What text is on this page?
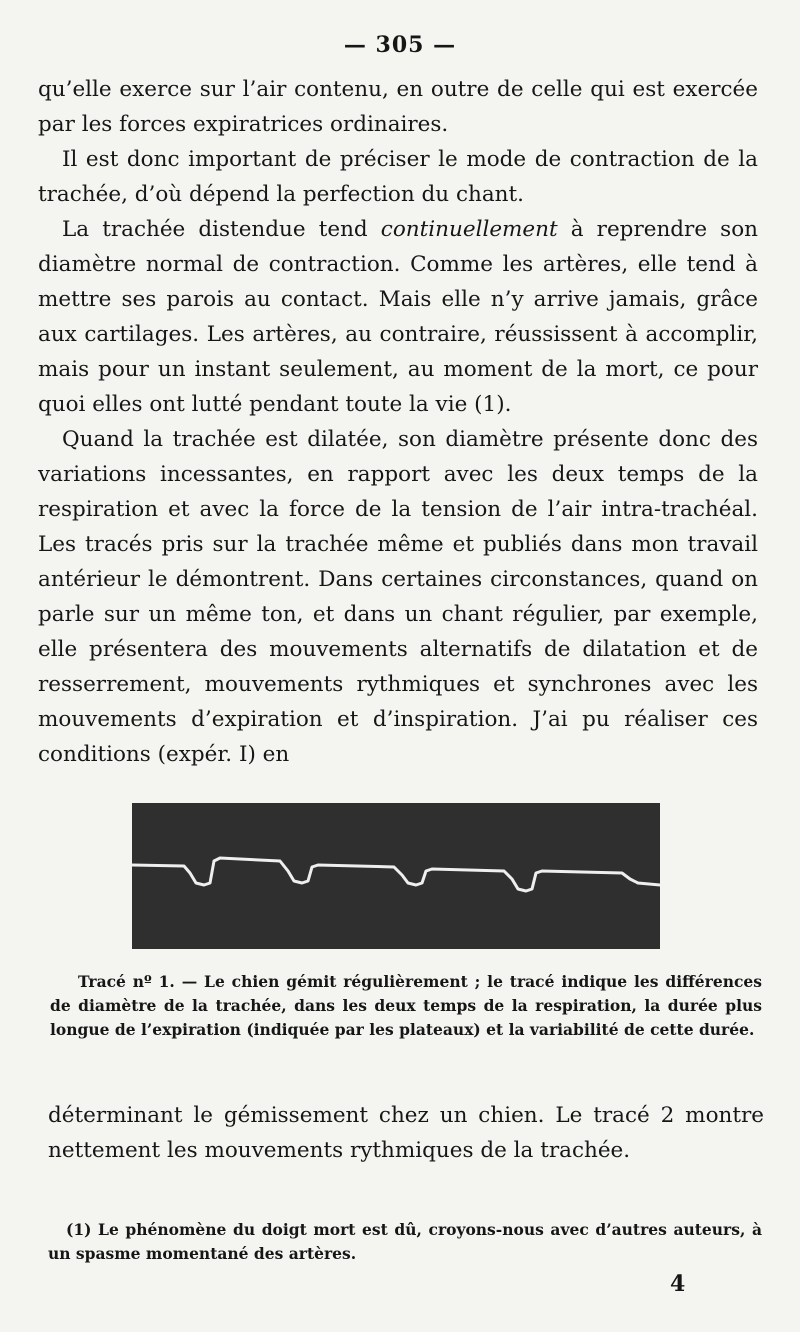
— 305 —

qu’elle exerce sur l’air contenu, en outre de celle qui est exercée par les forces expiratrices ordinaires.

Il est donc important de préciser le mode de contraction de la trachée, d’où dépend la perfection du chant.

La trachée distendue tend continuellement à reprendre son diamètre normal de contraction. Comme les artères, elle tend à mettre ses parois au contact. Mais elle n’y arrive jamais, grâce aux cartilages. Les artères, au contraire, réussissent à accomplir, mais pour un instant seulement, au moment de la mort, ce pour quoi elles ont lutté pendant toute la vie (1).

Quand la trachée est dilatée, son diamètre présente donc des variations incessantes, en rapport avec les deux temps de la respiration et avec la force de la tension de l’air intra-trachéal. Les tracés pris sur la trachée même et publiés dans mon travail antérieur le démontrent. Dans certaines circonstances, quand on parle sur un même ton, et dans un chant régulier, par exemple, elle présentera des mouvements alternatifs de dilatation et de resserrement, mouvements rythmiques et synchrones avec les mouvements d’expiration et d’inspiration. J’ai pu réaliser ces conditions (expér. I) en

Tracé nº 1. — Le chien gémit régulièrement ; le tracé indique les différences de diamètre de la trachée, dans les deux temps de la respiration, la durée plus longue de l’expiration (indiquée par les plateaux) et la variabilité de cette durée.
déterminant le gémissement chez un chien. Le tracé 2 montre nettement les mouvements rythmiques de la trachée.
(1) Le phénomène du doigt mort est dû, croyons-nous avec d’autres auteurs, à un spasme momentané des artères.
4
